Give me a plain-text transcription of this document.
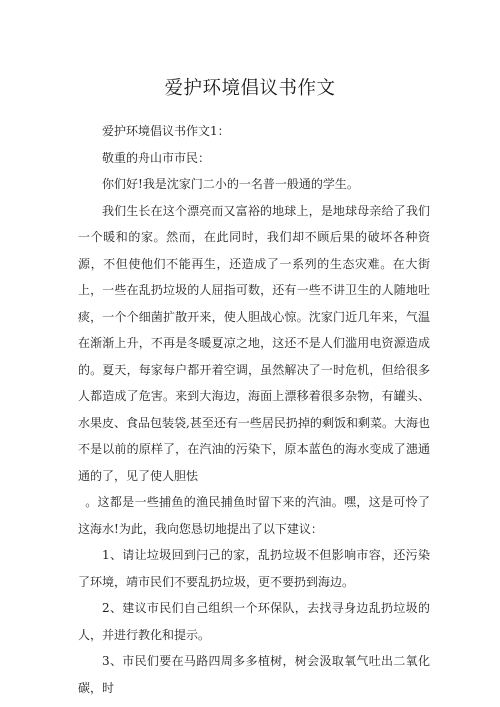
爱护环境倡议书作文

爱护环境倡议书作文1：

敬重的舟山市市民：

你们好!我是沈家门二小的一名普一般通的学生。

我们生长在这个漂亮而又富裕的地球上，是地球母亲给了我们一个暖和的家。然而，在此同时，我们却不顾后果的破坏各种资源，不但使他们不能再生，还造成了一系列的生态灾难。在大街上，一些在乱扔垃圾的人屈指可数，还有一些不讲卫生的人随地吐痰，一个个细菌扩散开来，使人胆战心惊。沈家门近几年来，气温在渐渐上升，不再是冬暖夏凉之地，这还不是人们滥用电资源造成的。夏天，每家每户都开着空调，虽然解决了一时危机，但给很多人都造成了危害。来到大海边，海面上漂移着很多杂物，有罐头、水果皮、食品包装袋,甚至还有一些居民扔掉的剩饭和剩菜。大海也不是以前的原样了，在汽油的污染下，原本蓝色的海水变成了漶通通的了，见了使人胆怯

。这都是一些捕鱼的渔民捕鱼时留下来的汽油。嘿，这是可怜了这海水!为此，我向您恳切地提出了以下建议：

1、请让垃圾回到闩己的家，乱扔垃圾不但影响市容，还污染了环境，靖市民们不要乱扔垃圾，更不要扔到海边。

2、建议市民们自己组织一个环保队，去找寻身边乱扔垃圾的人，并进行教化和提示。

3、市民们要在马路四周多多植树，树会汲取氧气吐出二氧化碳，时
